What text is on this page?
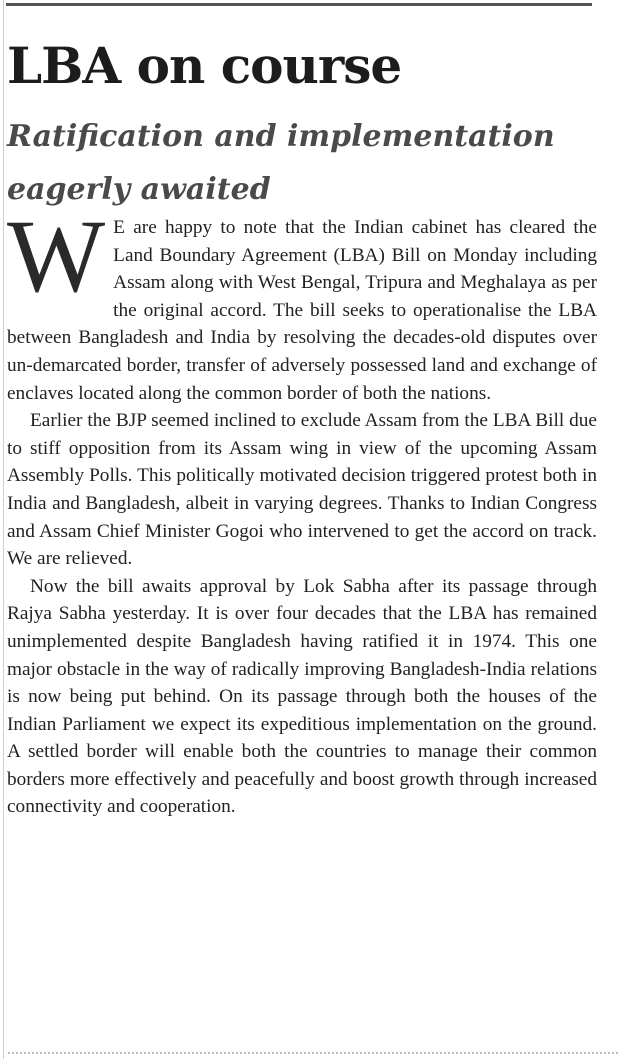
LBA on course
Ratification and implementation eagerly awaited

W E are happy to note that the Indian cabinet has cleared the Land Boundary Agreement (LBA) Bill on Monday including Assam along with West Bengal, Tripura and Meghalaya as per the original accord. The bill seeks to operationalise the LBA between Bangladesh and India by resolving the decades-old disputes over un-demarcated border, transfer of adversely possessed land and exchange of enclaves located along the common border of both the nations.

Earlier the BJP seemed inclined to exclude Assam from the LBA Bill due to stiff opposition from its Assam wing in view of the upcoming Assam Assembly Polls. This politically motivated decision triggered protest both in India and Bangladesh, albeit in varying degrees. Thanks to Indian Congress and Assam Chief Minister Gogoi who intervened to get the accord on track. We are relieved.

Now the bill awaits approval by Lok Sabha after its passage through Rajya Sabha yesterday. It is over four decades that the LBA has remained unimplemented despite Bangladesh having ratified it in 1974. This one major obstacle in the way of radically improving Bangladesh-India relations is now being put behind. On its passage through both the houses of the Indian Parliament we expect its expeditious implementation on the ground. A settled border will enable both the countries to manage their common borders more effectively and peacefully and boost growth through increased connectivity and cooperation.
